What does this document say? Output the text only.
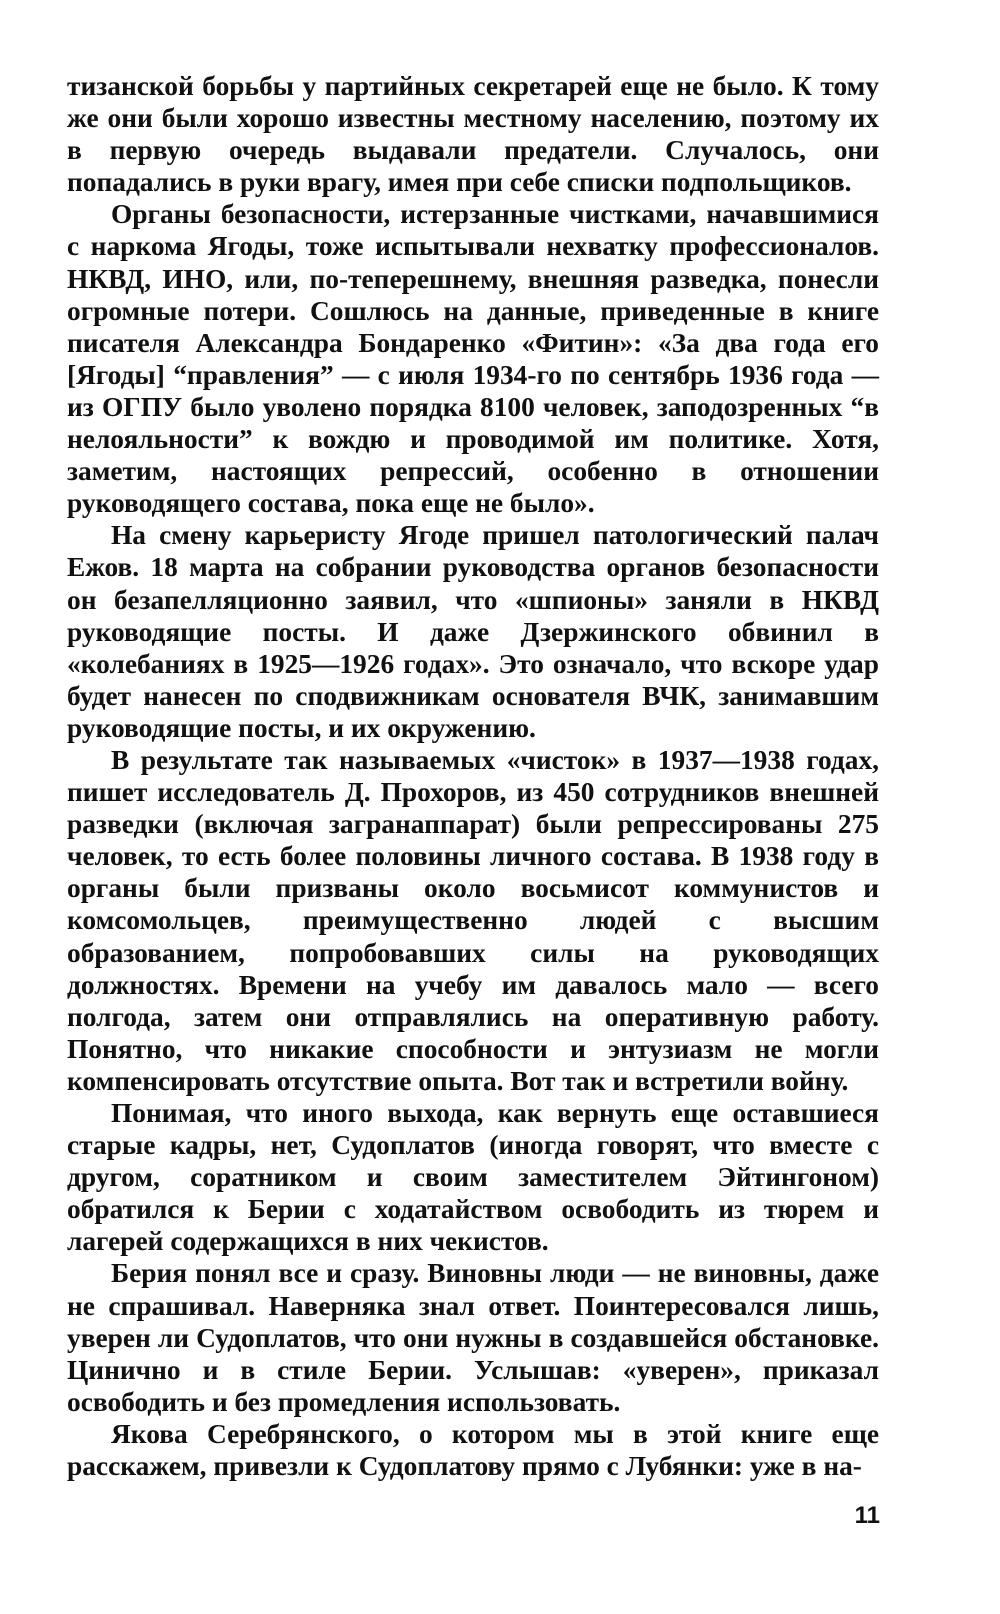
тизанской борьбы у партийных секретарей еще не было. К тому же они были хорошо известны местному населению, поэтому их в первую очередь выдавали предатели. Случалось, они попадались в руки врагу, имея при себе списки подпольщиков.

Органы безопасности, истерзанные чистками, начавшимися с наркома Ягоды, тоже испытывали нехватку профессионалов. НКВД, ИНО, или, по-теперешнему, внешняя разведка, понесли огромные потери. Сошлюсь на данные, приведенные в книге писателя Александра Бондаренко «Фитин»: «За два года его [Ягоды] “правления” — с июля 1934-го по сентябрь 1936 года — из ОГПУ было уволено порядка 8100 человек, заподозренных “в нелояльности” к вождю и проводимой им политике. Хотя, заметим, настоящих репрессий, особенно в отношении руководящего состава, пока еще не было».

На смену карьеристу Ягоде пришел патологический палач Ежов. 18 марта на собрании руководства органов безопасности он безапелляционно заявил, что «шпионы» заняли в НКВД руководящие посты. И даже Дзержинского обвинил в «колебаниях в 1925—1926 годах». Это означало, что вскоре удар будет нанесен по сподвижникам основателя ВЧК, занимавшим руководящие посты, и их окружению.

В результате так называемых «чисток» в 1937—1938 годах, пишет исследователь Д. Прохоров, из 450 сотрудников внешней разведки (включая загранаппарат) были репрессированы 275 человек, то есть более половины личного состава. В 1938 году в органы были призваны около восьмисот коммунистов и комсомольцев, преимущественно людей с высшим образованием, попробовавших силы на руководящих должностях. Времени на учебу им давалось мало — всего полгода, затем они отправлялись на оперативную работу. Понятно, что никакие способности и энтузиазм не могли компенсировать отсутствие опыта. Вот так и встретили войну.

Понимая, что иного выхода, как вернуть еще оставшиеся старые кадры, нет, Судоплатов (иногда говорят, что вместе с другом, соратником и своим заместителем Эйтингоном) обратился к Берии с ходатайством освободить из тюрем и лагерей содержащихся в них чекистов.

Берия понял все и сразу. Виновны люди — не виновны, даже не спрашивал. Наверняка знал ответ. Поинтересовался лишь, уверен ли Судоплатов, что они нужны в создавшейся обстановке. Цинично и в стиле Берии. Услышав: «уверен», приказал освободить и без промедления использовать.

Якова Серебрянского, о котором мы в этой книге еще расскажем, привезли к Судоплатову прямо с Лубянки: уже в на-

11
